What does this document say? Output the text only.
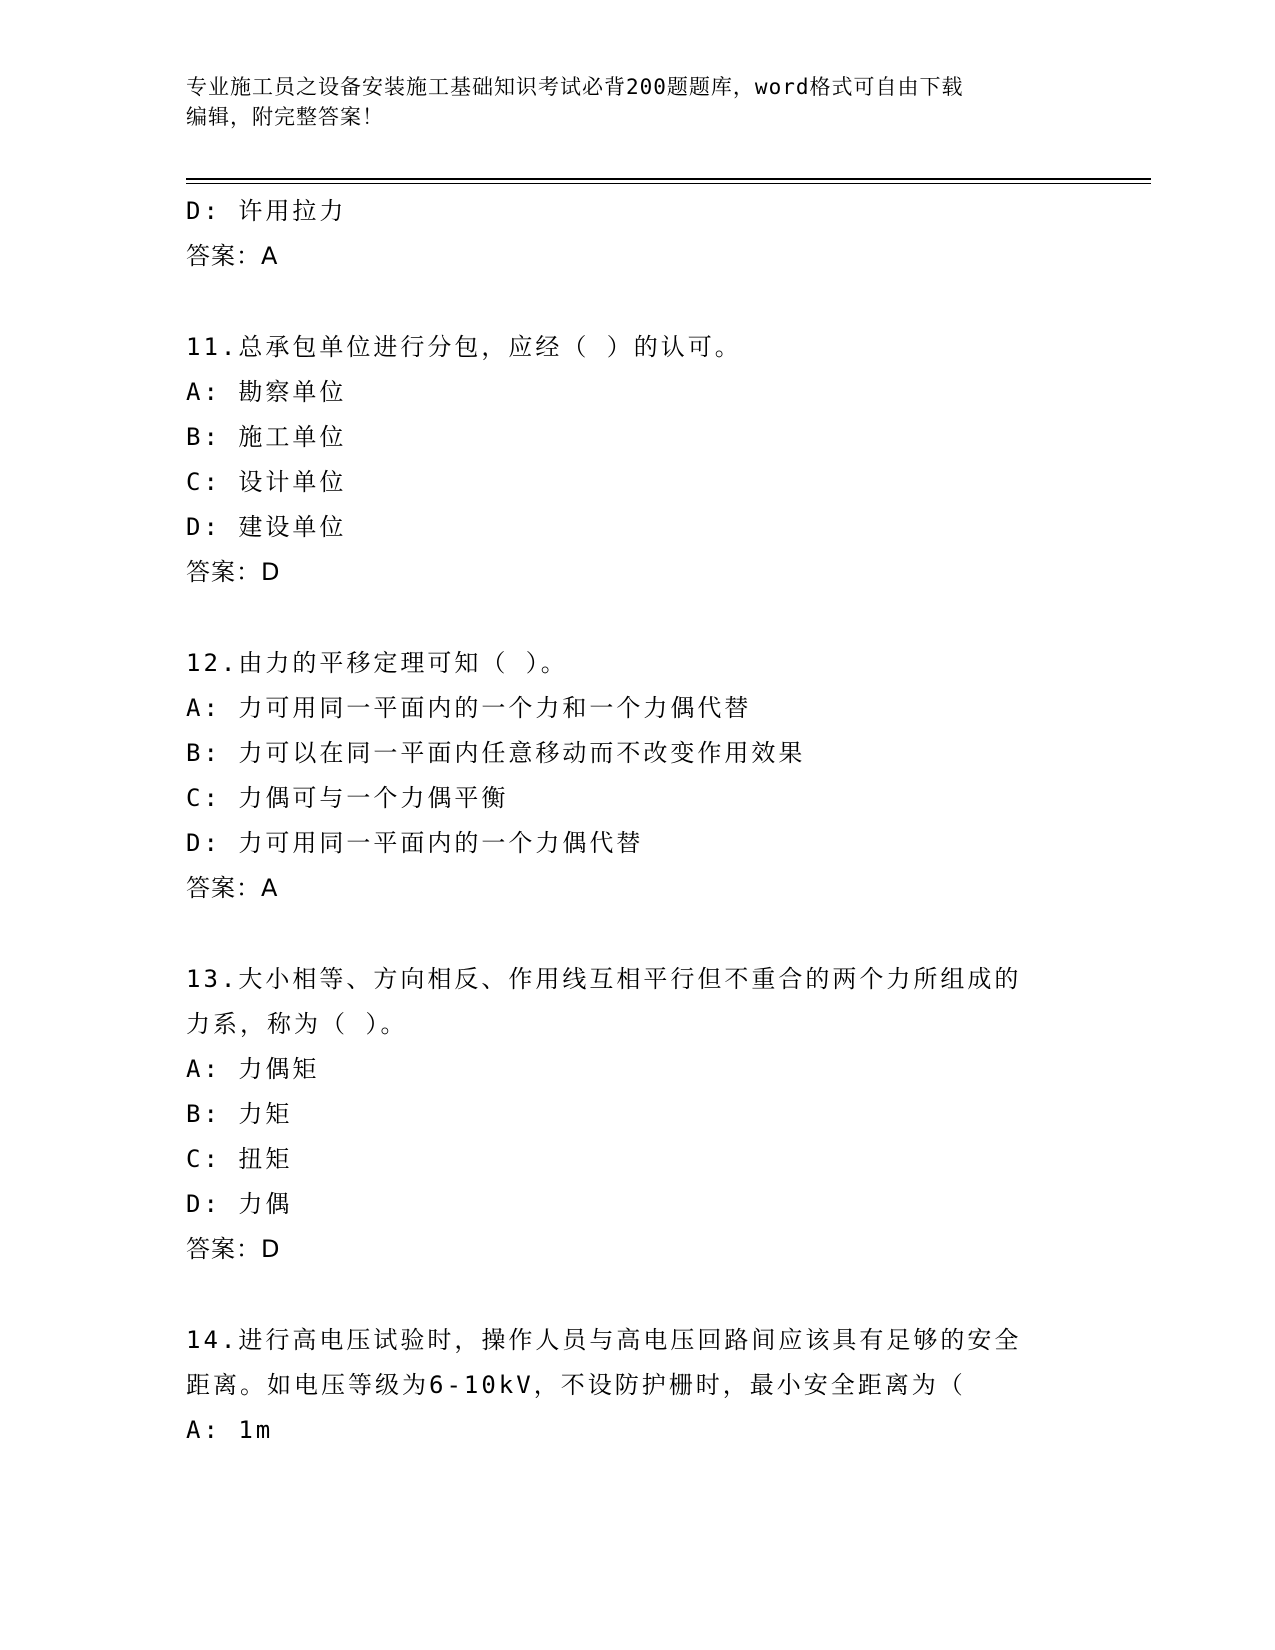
专业施工员之设备安装施工基础知识考试必背200题题库，word格式可自由下载
编辑，附完整答案！
D: 许用拉力
答案：A
11.总承包单位进行分包，应经（ ）的认可。
A: 勘察单位
B: 施工单位
C: 设计单位
D: 建设单位
答案：D
12.由力的平移定理可知（ ）。
A: 力可用同一平面内的一个力和一个力偶代替
B: 力可以在同一平面内任意移动而不改变作用效果
C: 力偶可与一个力偶平衡
D: 力可用同一平面内的一个力偶代替
答案：A
13.大小相等、方向相反、作用线互相平行但不重合的两个力所组成的
力系，称为（ ）。
A: 力偶矩
B: 力矩
C: 扭矩
D: 力偶
答案：D
14.进行高电压试验时，操作人员与高电压回路间应该具有足够的安全
距离。如电压等级为6-10kV，不设防护栅时，最小安全距离为（
A: 1m
